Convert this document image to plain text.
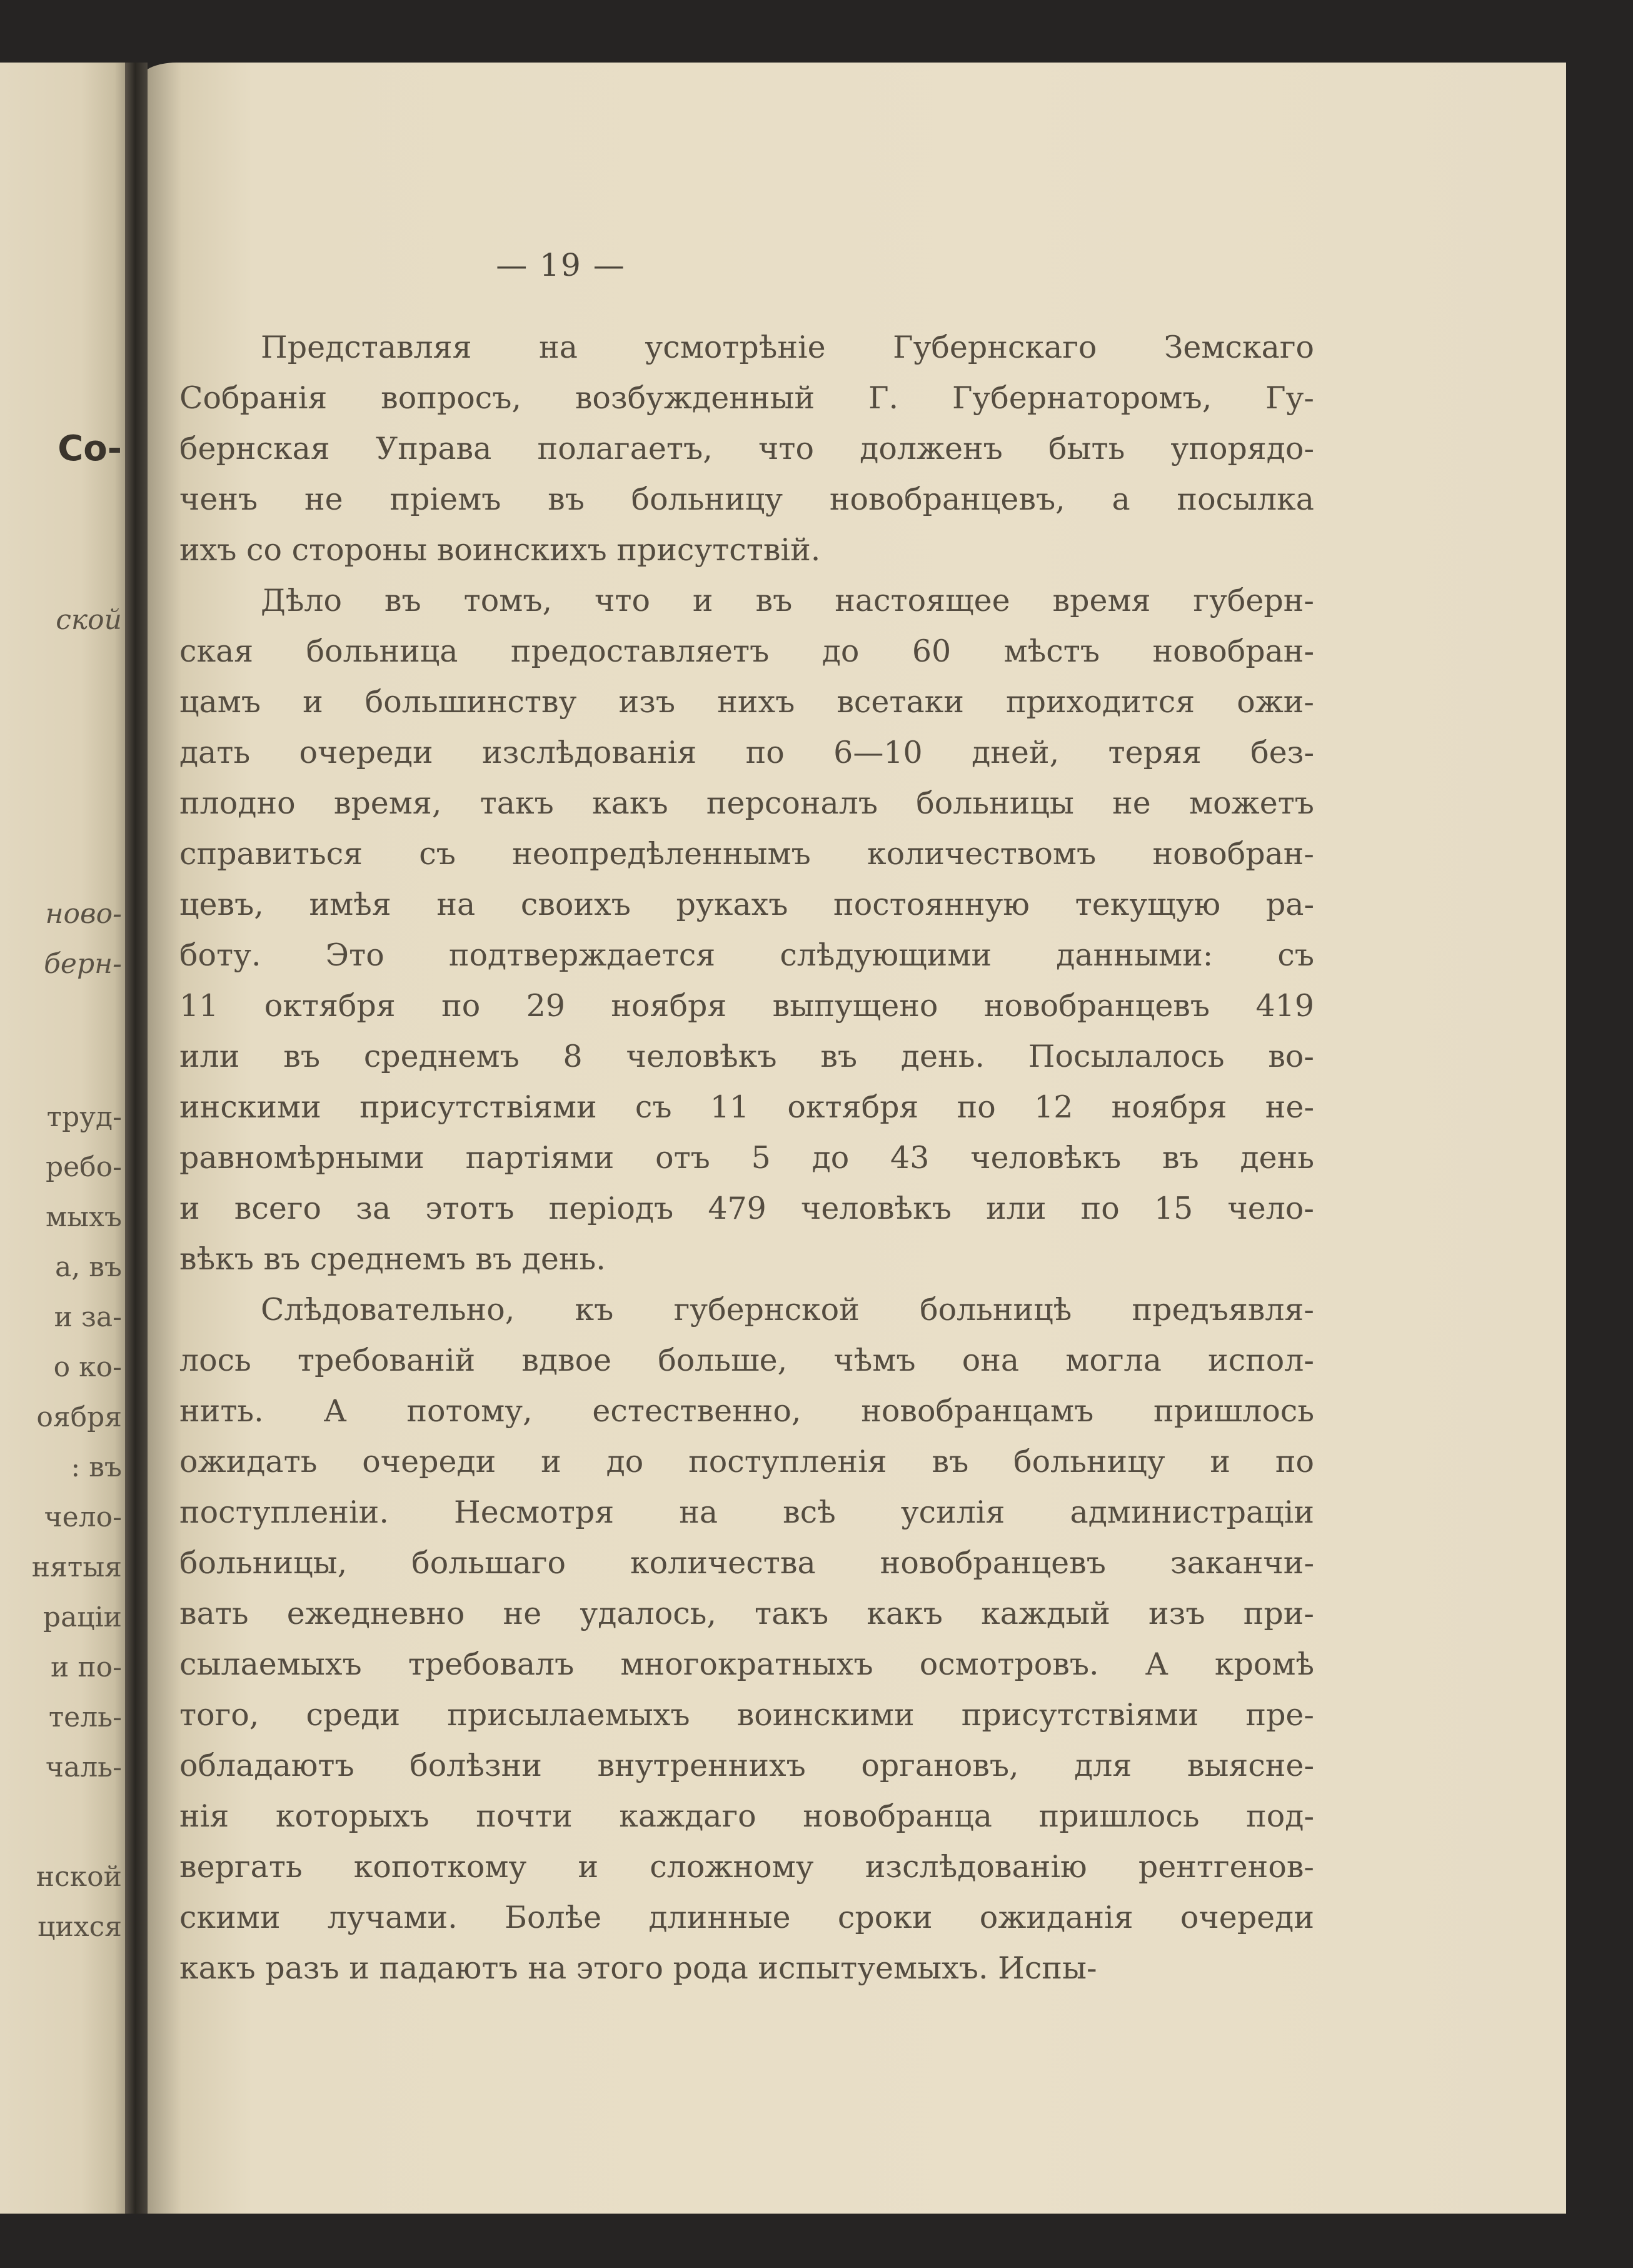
Со-
ской
ново-
берн-
труд-
ребо-
мыхъ
а, въ
и за-
о ко-
оября
: въ
чело-
нятыя
раціи
и по-
тель-
чаль-
нской
цихся
— 19 —
Представляя на усмотрѣніе Губернскаго Земскаго
Собранія вопросъ, возбужденный Г. Губернаторомъ, Гу-
бернская Управа полагаетъ, что долженъ быть упорядо-
ченъ не пріемъ въ больницу новобранцевъ, а посылка
ихъ со стороны воинскихъ присутствій.
Дѣло въ томъ, что и въ настоящее время губерн-
ская больница предоставляетъ до 60 мѣстъ новобран-
цамъ и большинству изъ нихъ всетаки приходится ожи-
дать очереди изслѣдованія по 6—10 дней, теряя без-
плодно время, такъ какъ персоналъ больницы не можетъ
справиться съ неопредѣленнымъ количествомъ новобран-
цевъ, имѣя на своихъ рукахъ постоянную текущую ра-
боту. Это подтверждается слѣдующими данными: съ
11 октября по 29 ноября выпущено новобранцевъ 419
или въ среднемъ 8 человѣкъ въ день. Посылалось во-
инскими присутствіями съ 11 октября по 12 ноября не-
равномѣрными партіями отъ 5 до 43 человѣкъ въ день
и всего за этотъ періодъ 479 человѣкъ или по 15 чело-
вѣкъ въ среднемъ въ день.
Слѣдовательно, къ губернской больницѣ предъявля-
лось требованій вдвое больше, чѣмъ она могла испол-
нить. А потому, естественно, новобранцамъ пришлось
ожидать очереди и до поступленія въ больницу и по
поступленіи. Несмотря на всѣ усилія администраціи
больницы, большаго количества новобранцевъ заканчи-
вать ежедневно не удалось, такъ какъ каждый изъ при-
сылаемыхъ требовалъ многократныхъ осмотровъ. А кромѣ
того, среди присылаемыхъ воинскими присутствіями пре-
обладаютъ болѣзни внутреннихъ органовъ, для выясне-
нія которыхъ почти каждаго новобранца пришлось под-
вергать копоткому и сложному изслѣдованію рентгенов-
скими лучами. Болѣе длинные сроки ожиданія очереди
какъ разъ и падаютъ на этого рода испытуемыхъ. Испы-
